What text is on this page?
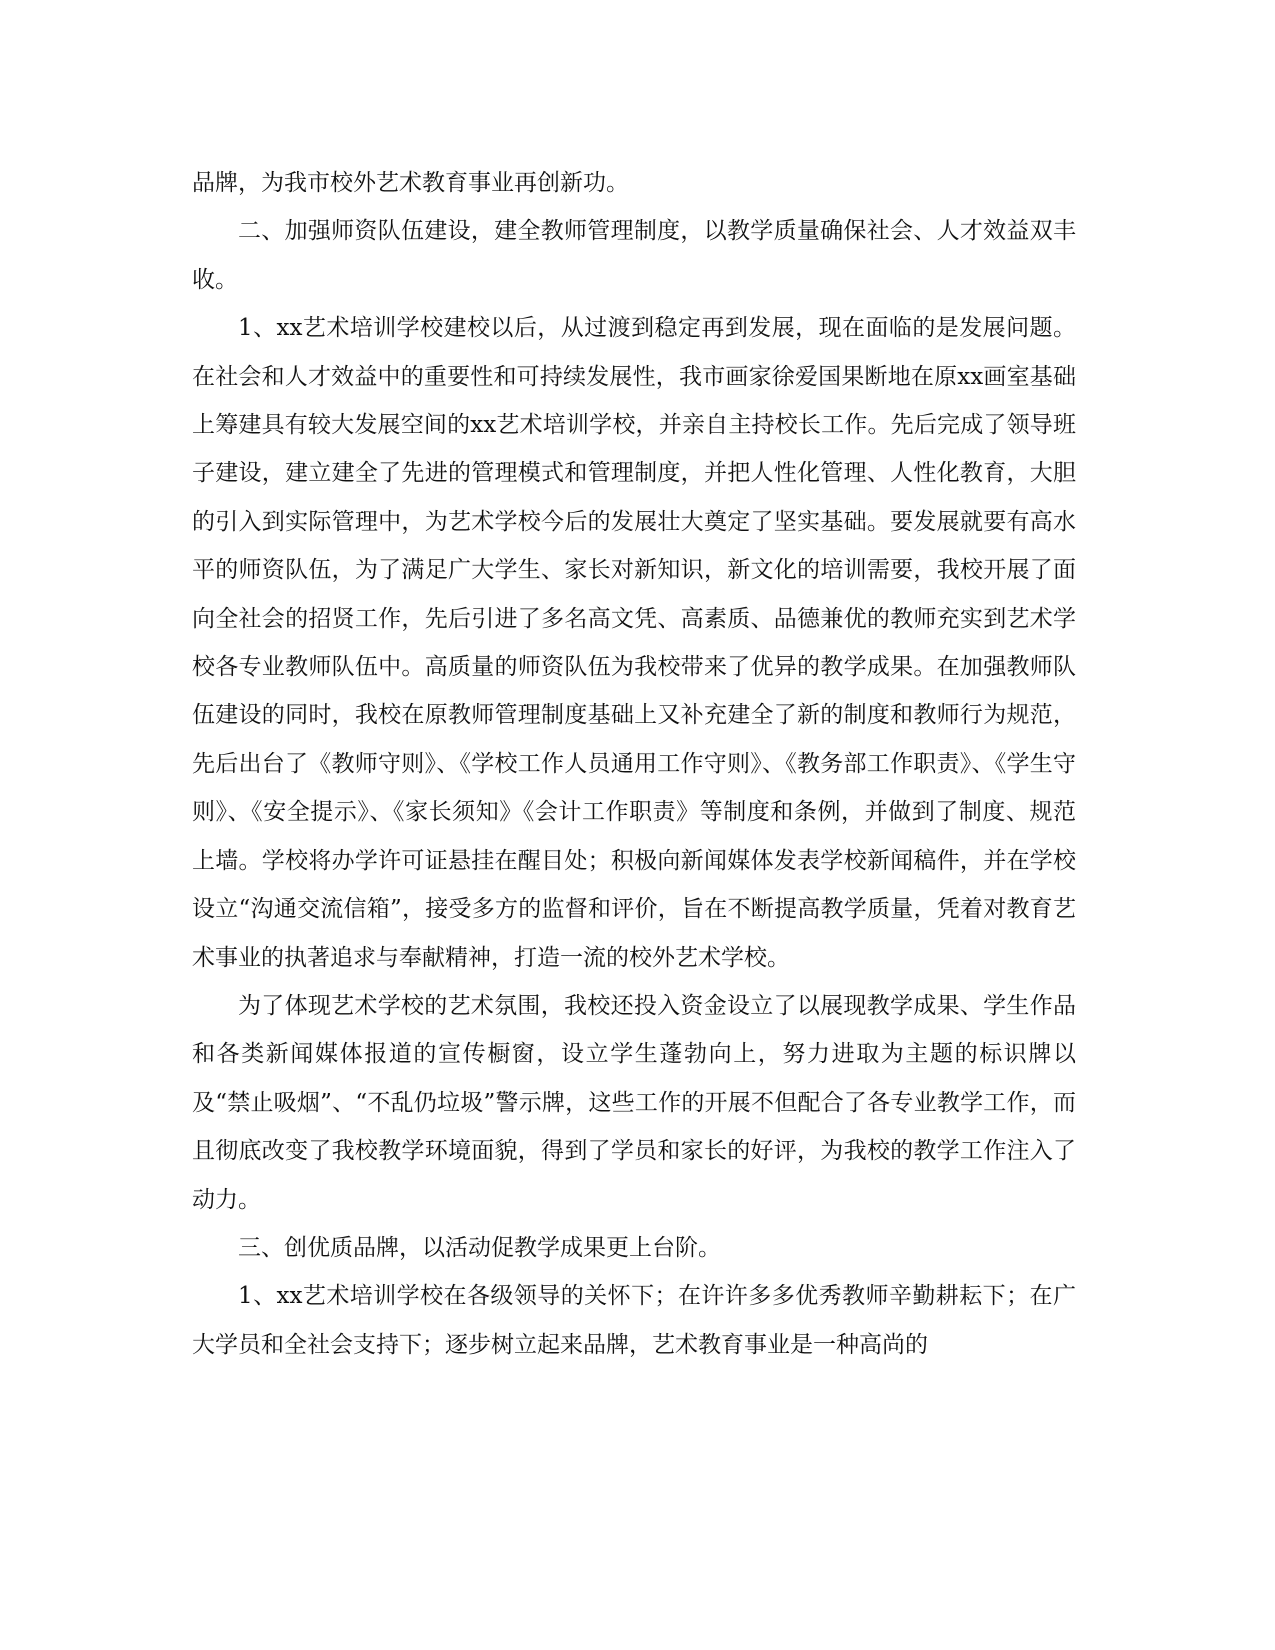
品牌，为我市校外艺术教育事业再创新功。

二、加强师资队伍建设，建全教师管理制度，以教学质量确保社会、人才效益双丰收。

1、xx艺术培训学校建校以后，从过渡到稳定再到发展，现在面临的是发展问题。在社会和人才效益中的重要性和可持续发展性，我市画家徐爱国果断地在原xx画室基础上筹建具有较大发展空间的xx艺术培训学校，并亲自主持校长工作。先后完成了领导班子建设，建立建全了先进的管理模式和管理制度，并把人性化管理、人性化教育，大胆的引入到实际管理中，为艺术学校今后的发展壮大奠定了坚实基础。要发展就要有高水平的师资队伍，为了满足广大学生、家长对新知识，新文化的培训需要，我校开展了面向全社会的招贤工作，先后引进了多名高文凭、高素质、品德兼优的教师充实到艺术学校各专业教师队伍中。高质量的师资队伍为我校带来了优异的教学成果。在加强教师队伍建设的同时，我校在原教师管理制度基础上又补充建全了新的制度和教师行为规范，先后出台了《教师守则》、《学校工作人员通用工作守则》、《教务部工作职责》、《学生守则》、《安全提示》、《家长须知》《会计工作职责》等制度和条例，并做到了制度、规范上墙。学校将办学许可证悬挂在醒目处；积极向新闻媒体发表学校新闻稿件，并在学校设立“沟通交流信箱”，接受多方的监督和评价，旨在不断提高教学质量，凭着对教育艺术事业的执著追求与奉献精神，打造一流的校外艺术学校。

为了体现艺术学校的艺术氛围，我校还投入资金设立了以展现教学成果、学生作品和各类新闻媒体报道的宣传橱窗，设立学生蓬勃向上，努力进取为主题的标识牌以及“禁止吸烟”、“不乱仍垃圾”警示牌，这些工作的开展不但配合了各专业教学工作，而且彻底改变了我校教学环境面貌，得到了学员和家长的好评，为我校的教学工作注入了动力。

三、创优质品牌，以活动促教学成果更上台阶。

1、xx艺术培训学校在各级领导的关怀下；在许许多多优秀教师辛勤耕耘下；在广大学员和全社会支持下；逐步树立起来品牌，艺术教育事业是一种高尚的
